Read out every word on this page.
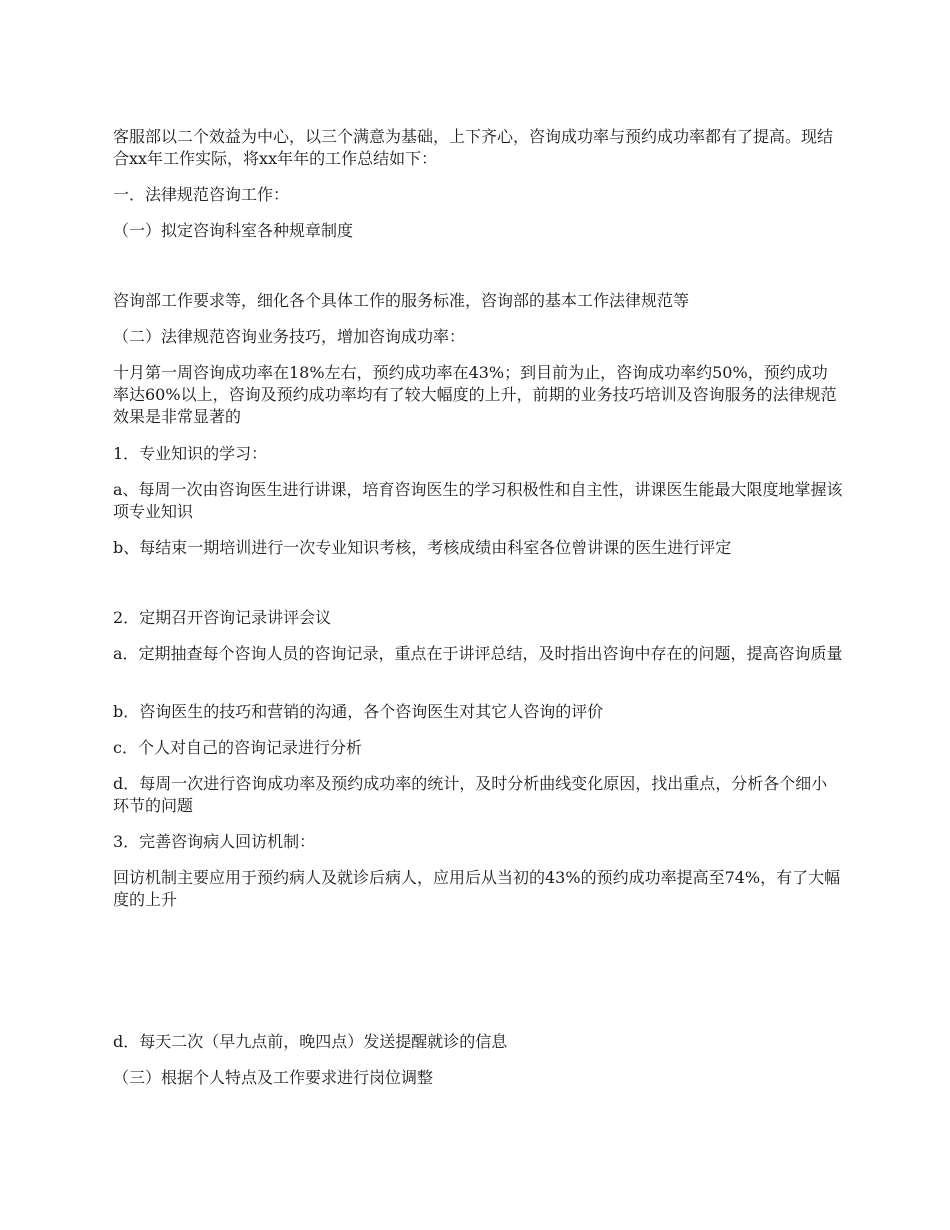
客服部以二个效益为中心，以三个满意为基础，上下齐心，咨询成功率与预约成功率都有了提高。现结合xx年工作实际，将xx年年的工作总结如下：

一．法律规范咨询工作：

（一）拟定咨询科室各种规章制度

咨询部工作要求等，细化各个具体工作的服务标准，咨询部的基本工作法律规范等

（二）法律规范咨询业务技巧，增加咨询成功率：

十月第一周咨询成功率在18%左右，预约成功率在43%；到目前为止，咨询成功率约50%，预约成功率达60%以上，咨询及预约成功率均有了较大幅度的上升，前期的业务技巧培训及咨询服务的法律规范效果是非常显著的

1．专业知识的学习：

a、每周一次由咨询医生进行讲课，培育咨询医生的学习积极性和自主性，讲课医生能最大限度地掌握该项专业知识

b、每结束一期培训进行一次专业知识考核，考核成绩由科室各位曾讲课的医生进行评定

2．定期召开咨询记录讲评会议

a．定期抽查每个咨询人员的咨询记录，重点在于讲评总结，及时指出咨询中存在的问题，提高咨询质量

b．咨询医生的技巧和营销的沟通，各个咨询医生对其它人咨询的评价

c．个人对自己的咨询记录进行分析

d．每周一次进行咨询成功率及预约成功率的统计，及时分析曲线变化原因，找出重点，分析各个细小环节的问题

3．完善咨询病人回访机制：

回访机制主要应用于预约病人及就诊后病人，应用后从当初的43%的预约成功率提高至74%，有了大幅度的上升

d．每天二次（早九点前，晚四点）发送提醒就诊的信息

（三）根据个人特点及工作要求进行岗位调整
